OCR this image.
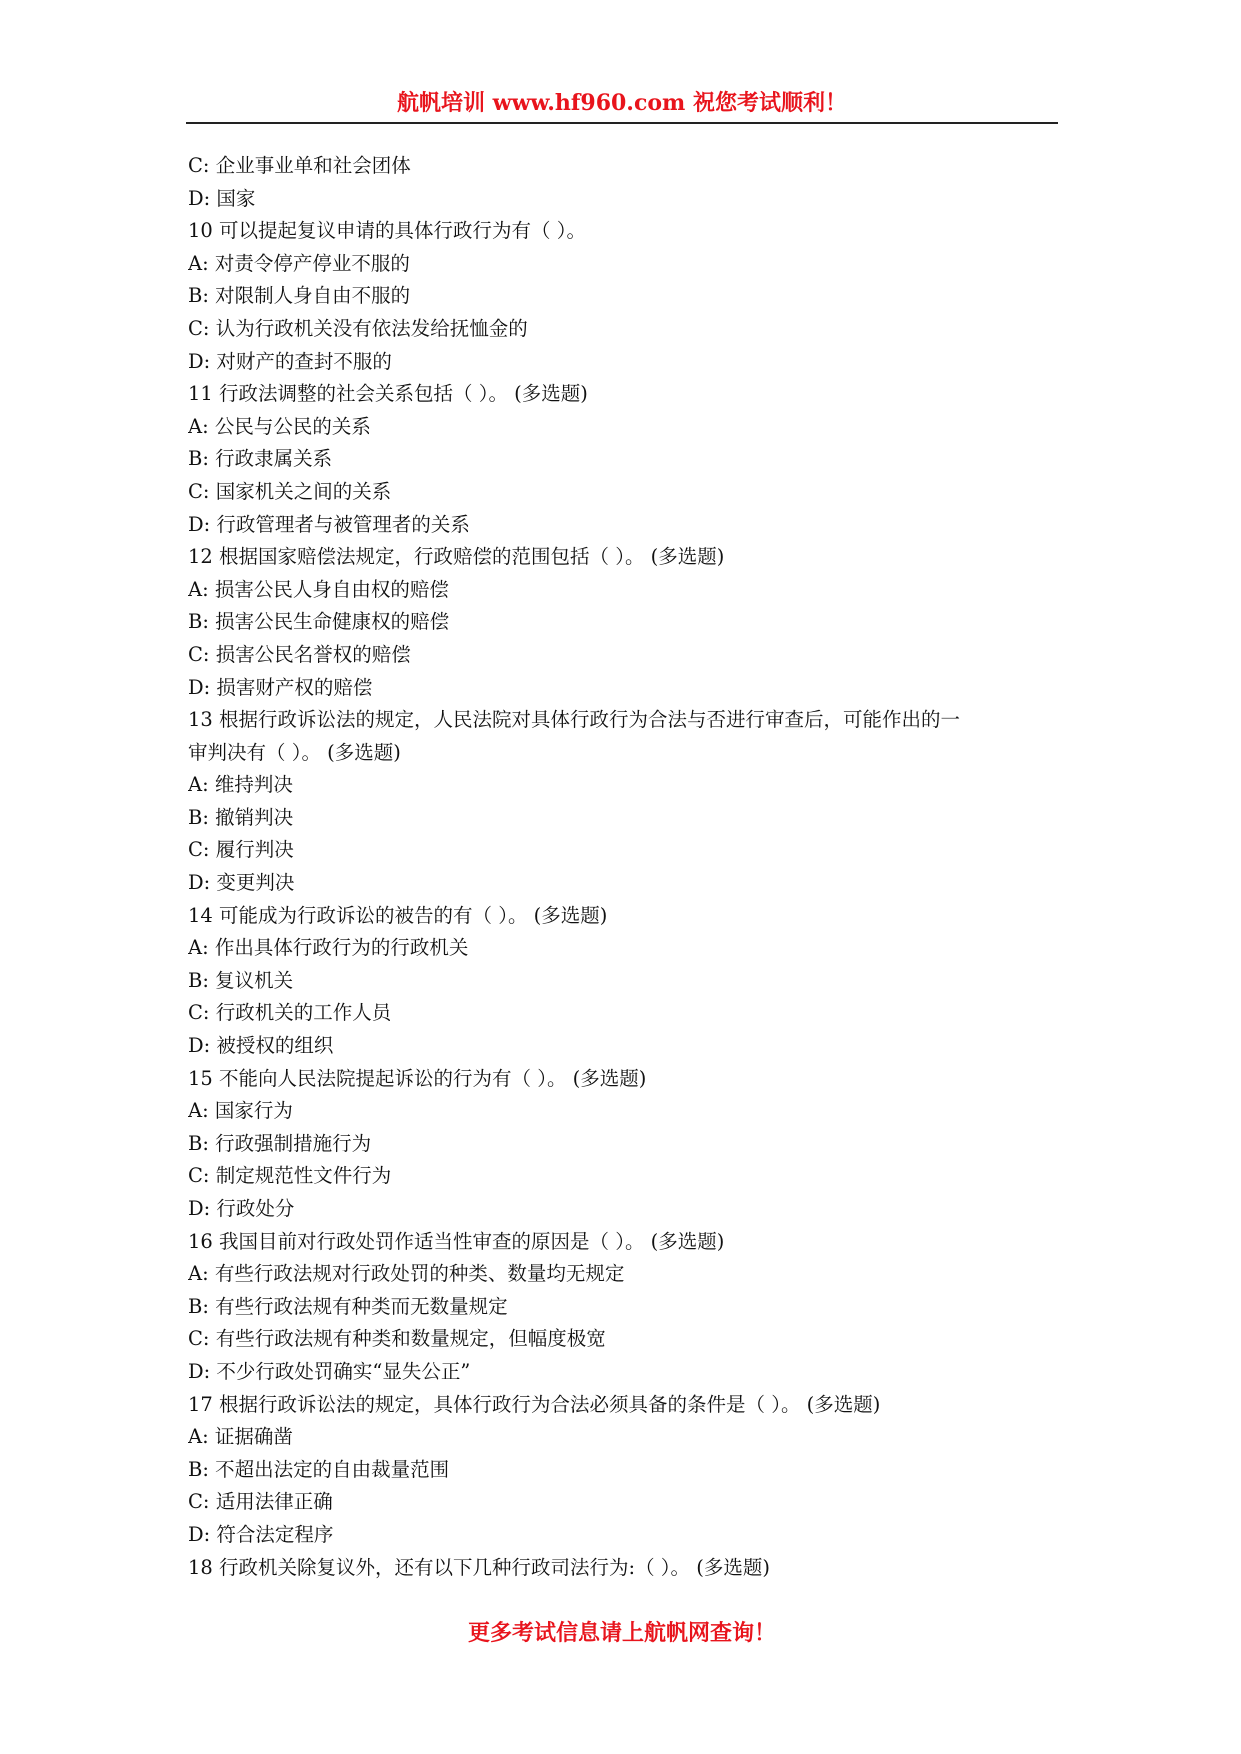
航帆培训 www.hf960.com 祝您考试顺利！
C: 企业事业单和社会团体
D: 国家
10 可以提起复议申请的具体行政行为有（ ）。
A: 对责令停产停业不服的
B: 对限制人身自由不服的
C: 认为行政机关没有依法发给抚恤金的
D: 对财产的查封不服的
11 行政法调整的社会关系包括（ ）。 (多选题)
A: 公民与公民的关系
B: 行政隶属关系
C: 国家机关之间的关系
D: 行政管理者与被管理者的关系
12 根据国家赔偿法规定，行政赔偿的范围包括（ ）。 (多选题)
A: 损害公民人身自由权的赔偿
B: 损害公民生命健康权的赔偿
C: 损害公民名誉权的赔偿
D: 损害财产权的赔偿
13 根据行政诉讼法的规定，人民法院对具体行政行为合法与否进行审查后，可能作出的一
审判决有（ ）。 (多选题)
A: 维持判决
B: 撤销判决
C: 履行判决
D: 变更判决
14 可能成为行政诉讼的被告的有（ ）。 (多选题)
A: 作出具体行政行为的行政机关
B: 复议机关
C: 行政机关的工作人员
D: 被授权的组织
15 不能向人民法院提起诉讼的行为有（ ）。 (多选题)
A: 国家行为
B: 行政强制措施行为
C: 制定规范性文件行为
D: 行政处分
16 我国目前对行政处罚作适当性审查的原因是（ ）。 (多选题)
A: 有些行政法规对行政处罚的种类、数量均无规定
B: 有些行政法规有种类而无数量规定
C: 有些行政法规有种类和数量规定，但幅度极宽
D: 不少行政处罚确实“显失公正”
17 根据行政诉讼法的规定，具体行政行为合法必须具备的条件是（ ）。 (多选题)
A: 证据确凿
B: 不超出法定的自由裁量范围
C: 适用法律正确
D: 符合法定程序
18 行政机关除复议外，还有以下几种行政司法行为:（ ）。 (多选题)
更多考试信息请上航帆网查询！
